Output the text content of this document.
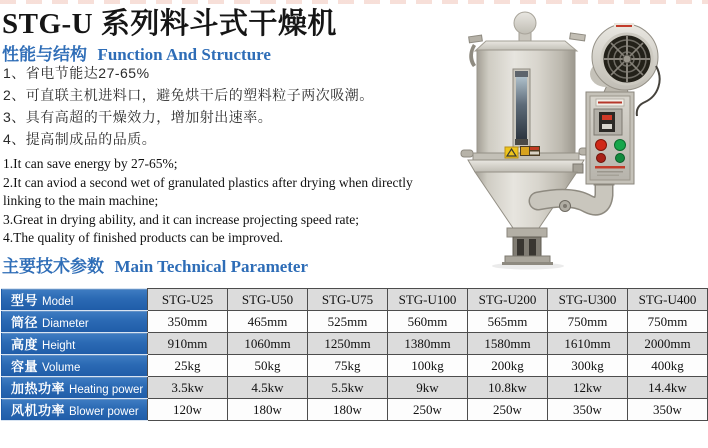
STG-U 系列料斗式干燥机
性能与结构 Function And Structure
1、省电节能达27-65%
2、可直联主机进料口，避免烘干后的塑料粒子两次吸潮。
3、具有高超的干燥效力，增加射出速率。
4、提高制成品的品质。
1.It can save energy by 27-65%;
2.It can aviod a second wet of granulated plastics after drying when directly linking to the main machine;
3.Great in drying ability, and it can increase projecting speed rate;
4.The quality of finished products can be improved.
主要技术参数 Main Technical Parameter
型号 Model	STG-U25	STG-U50	STG-U75	STG-U100	STG-U200	STG-U300	STG-U400
筒径 Diameter	350mm	465mm	525mm	560mm	565mm	750mm	750mm
高度 Height	910mm	1060mm	1250mm	1380mm	1580mm	1610mm	2000mm
容量 Volume	25kg	50kg	75kg	100kg	200kg	300kg	400kg
加热功率 Heating power	3.5kw	4.5kw	5.5kw	9kw	10.8kw	12kw	14.4kw
风机功率 Blower power	120w	180w	180w	250w	250w	350w	350w
